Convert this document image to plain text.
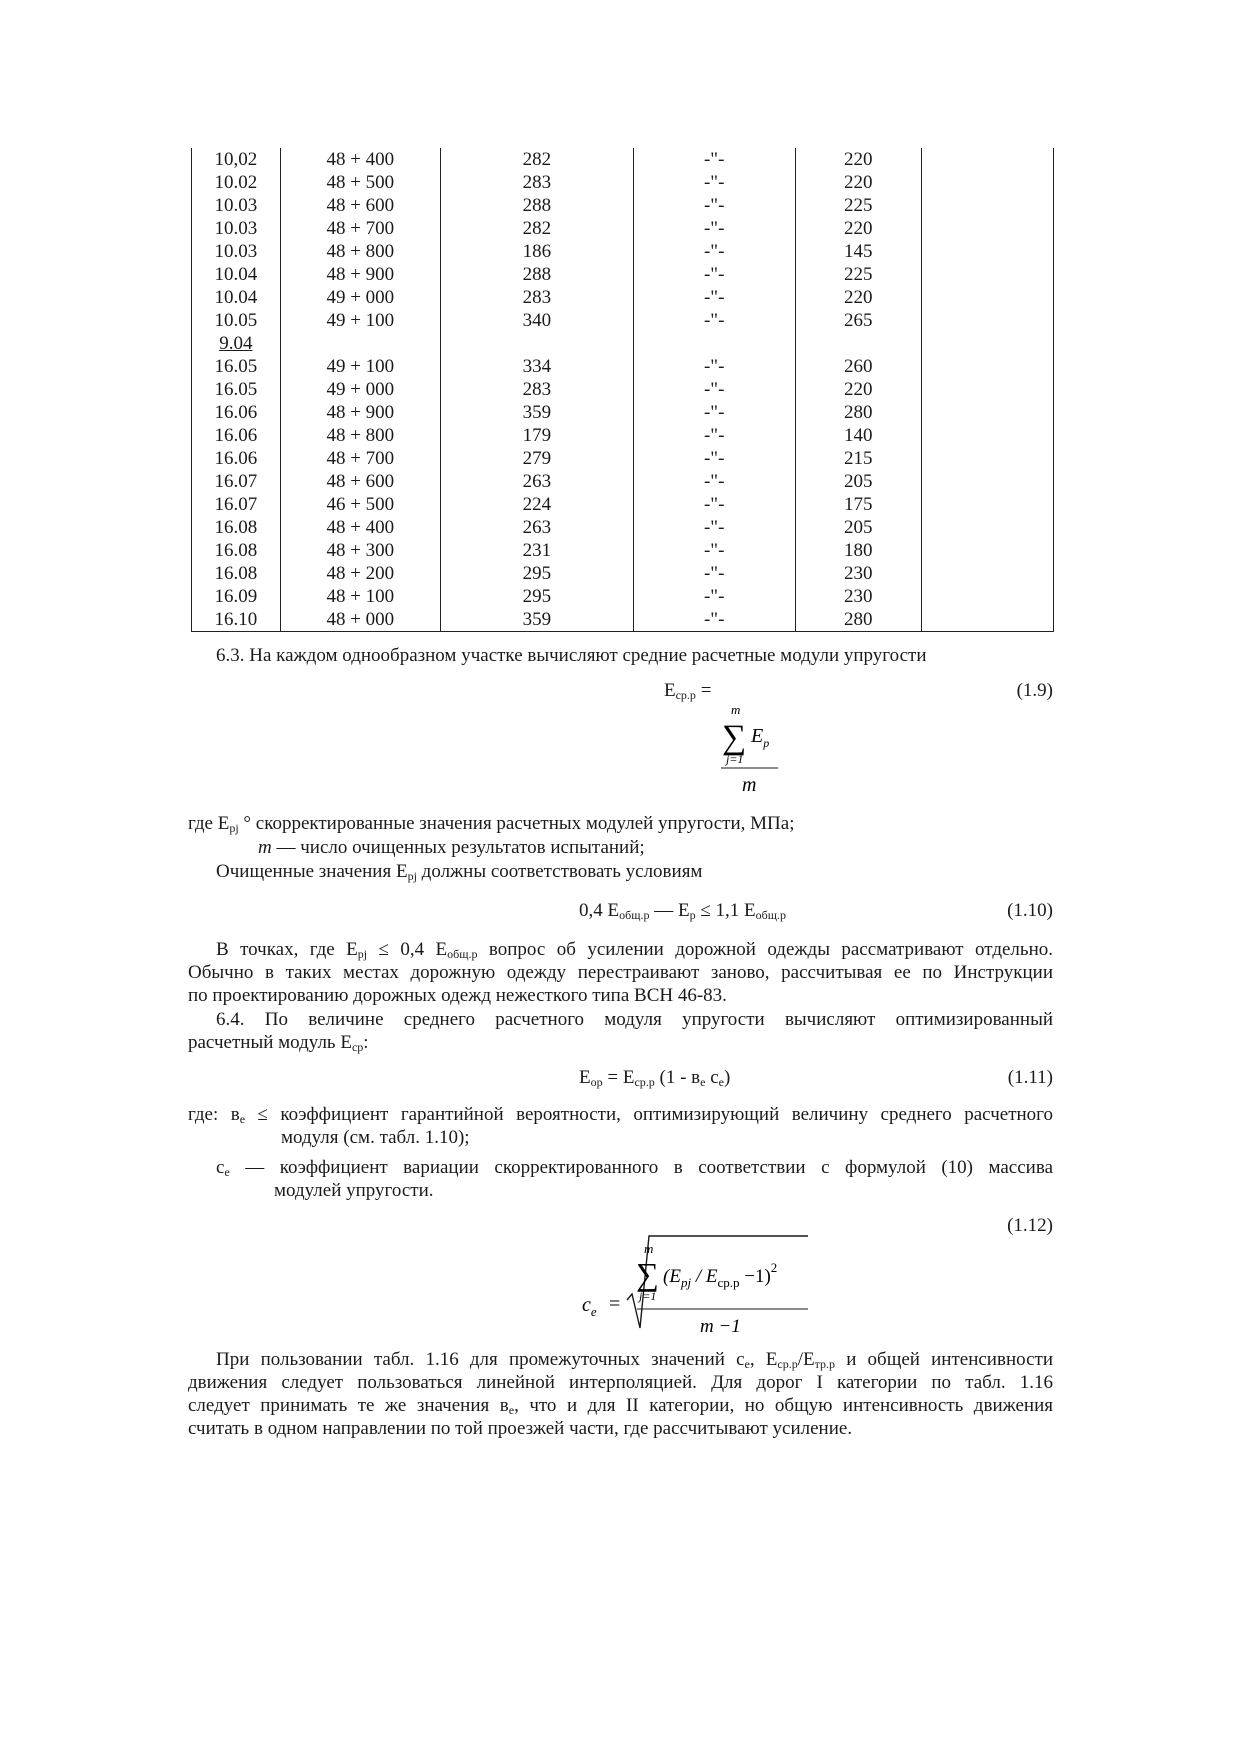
10,02	48 + 400	282	-"-	220	
10.02	48 + 500	283	-"-	220	
10.03	48 + 600	288	-"-	225	
10.03	48 + 700	282	-"-	220	
10.03	48 + 800	186	-"-	145	
10.04	48 + 900	288	-"-	225	
10.04	49 + 000	283	-"-	220	
10.05	49 + 100	340	-"-	265	
9.04					
16.05	49 + 100	334	-"-	260	
16.05	49 + 000	283	-"-	220	
16.06	48 + 900	359	-"-	280	
16.06	48 + 800	179	-"-	140	
16.06	48 + 700	279	-"-	215	
16.07	48 + 600	263	-"-	205	
16.07	46 + 500	224	-"-	175	
16.08	48 + 400	263	-"-	205	
16.08	48 + 300	231	-"-	180	
16.08	48 + 200	295	-"-	230	
16.09	48 + 100	295	-"-	230	
16.10	48 + 000	359	-"-	280	

6.3. На каждом однообразном участке вычисляют средние расчетные модули упругости

$E_{ср.р}$ =	(1.9)
m
∑ $E_p$
j=1
m
где $E_{pj}$ ° скорректированные значения расчетных модулей упругости, МПа;
m — число очищенных результатов испытаний;
Очищенные значения $E_{pj}$ должны соответствовать условиям
0,4 $E_{общ.р}$ — $E_p \le 1,1$ $E_{общ.р}$	(1.10)
В точках, где $E_{pj} \le 0,4$ $E_{общ.р}$ вопрос об усилении дорожной одежды рассматривают отдельно.
Обычно в таких местах дорожную одежду перестраивают заново, рассчитывая ее по Инструкции
по проектированию дорожных одежд нежесткого типа ВСН 46-83.
6.4. По величине среднего расчетного модуля упругости вычисляют оптимизированный
расчетный модуль $E_{ср}$:
$E_{ор} = E_{ср.р}$ ($1 - в_e$ $c_e$)	(1.11)
где: $в_e$ ≤ коэффициент гарантийной вероятности, оптимизирующий величину среднего расчетного
модуля (см. табл. 1.10);
$c_e$ — коэффициент вариации скорректированного в соответствии с формулой (10) массива
модулей упругости.
(1.12)
$c_e$ =
m
∑
j=1
$(E_{pj} / E_{ср.р} -1)^2$
m −1
При пользовании табл. 1.16 для промежуточных значений $c_e$, $E_{ср.р}/E_{тр.р}$ и общей интенсивности
движения следует пользоваться линейной интерполяцией. Для дорог I категории по табл. 1.16
следует принимать те же значения $в_e$, что и для II категории, но общую интенсивность движения
считать в одном направлении по той проезжей части, где рассчитывают усиление.
